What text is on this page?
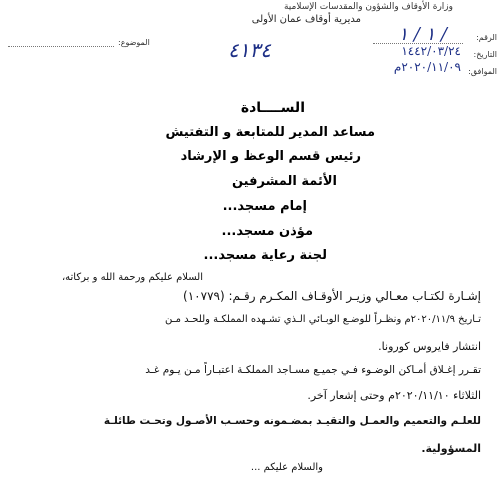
وزارة الأوقاف والشؤون والمقدسات الإسلامية
مديرية أوقاف عمان الأولى
الموضوع:
الرقم:
١ / ١ /
التاريخ:
١٤٤٢/٠٣/٢٤
الموافق:
٢٠٢٠/١١/٠٩م
٤١٣٤
الســــادة
مساعد المدير للمتابعة و التفتيش
رئيس قسم الوعظ و الإرشاد
الأئمة المشرفين
إمام مسجد...
مؤذن مسجد...
لجنة رعاية مسجد...
السلام عليكم ورحمة الله و بركاته،
إشـارة لكتـاب معـالي وزيـر الأوقـاف المكـرم رقـم: (١٠٧٧٩)
تـاريخ ٢٠٢٠/١١/٩م ونظـراً للوضـع الوبـائي الـذي تشـهده المملكـة وللحـد مـن
انتشار فايروس كورونا.
تقـرر إغـلاق أمـاكن الوضـوء فـي جميـع مسـاجد المملكـة اعتبـاراً مـن يـوم غـد
الثلاثاء ٢٠٢٠/١١/١٠م وحتى إشعار آخر.
للعلـم والتعميم والعمـل والتقيـد بمضـمونه وحسـب الأصـول وتحـت طائلـة
المسؤولية.
والسلام عليكم ...
